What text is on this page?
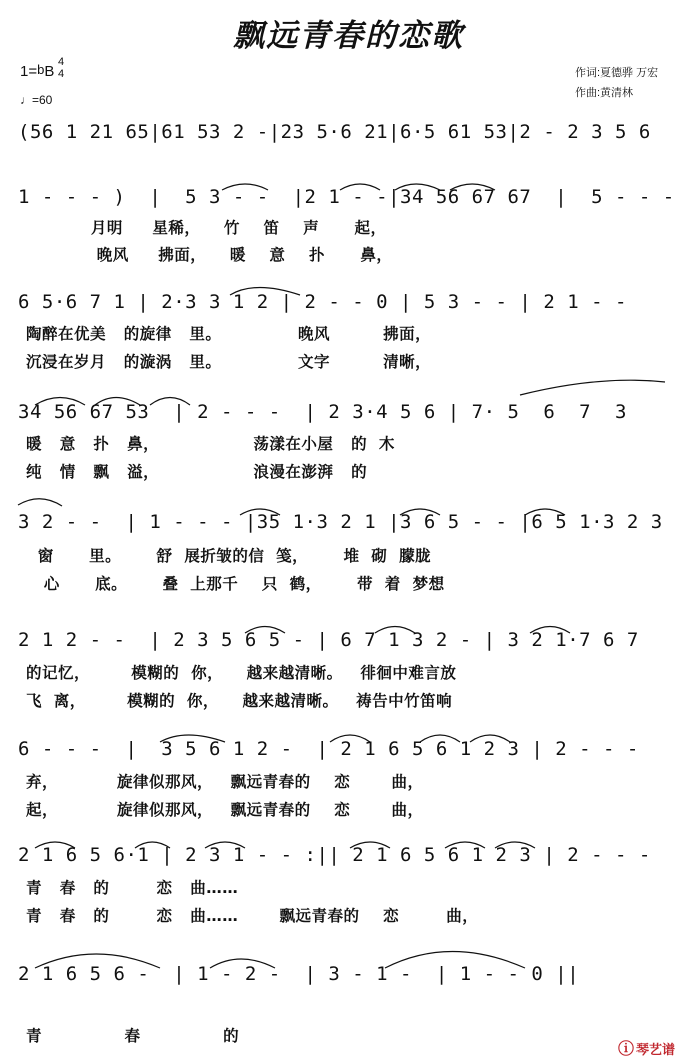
飘远青春的恋歌
1=bB
4
4
♩=60
作词:夏德骅 万宏
作曲:黄清林
(56 1 21 65|61 53 2 -|23 5·6 21|6·5 61 53|2 - 2 3 5 6
1 - - - )  |  5 3 - -  |2 1 - -|34 56 67 67  |  5 - - -
月明     星稀，    竹    笛    声      起，
晚风     拂面，    暖    意    扑      鼻，
6 5·6 7 1 | 2·3 3 1 2 | 2 - - 0 | 5 3 - - | 2 1 - -
陶醉在优美   的旋律   里。             晚风         拂面，
沉浸在岁月   的漩涡   里。             文字         清晰，
34 56 67 53  | 2 - - -  | 2 3·4 5 6 | 7· 5  6  7  3
暖   意   扑   鼻，                荡漾在小屋   的  木
纯   情   飘   溢，                浪漫在澎湃   的
3 2 - -  | 1 - - - |35 1·3 2 1 |3 6 5 - - |6 5 1·3 2 3
窗      里。      舒  展折皱的信  笺，      堆  砌  朦胧
心      底。      叠  上那千    只  鹤，      带  着  梦想
2 1 2 - -  | 2 3 5 6 5 - | 6 7 1 3 2 - | 3 2 1·7 6 7
的记忆，       模糊的  你，    越来越清晰。   徘徊中难言放
飞  离，       模糊的  你，    越来越清晰。   祷告中竹笛响
6 - - -  |  3 5 6 1 2 -  | 2 1 6 5 6 1 2 3 | 2 - - -
弃，          旋律似那风，   飘远青春的    恋       曲，
起，          旋律似那风，   飘远青春的    恋       曲，
2 1 6 5 6·1 | 2 3 1 - - :|| 2 1 6 5 6 1 2 3 | 2 - - -
青   春   的        恋   曲……
青   春   的        恋   曲……       飘远青春的    恋        曲，
2 1 6 5 6 -  | 1 - 2 -  | 3 - 1 -  | 1 - - 0 ||
青              春              的
ⓘ 琴艺谱
